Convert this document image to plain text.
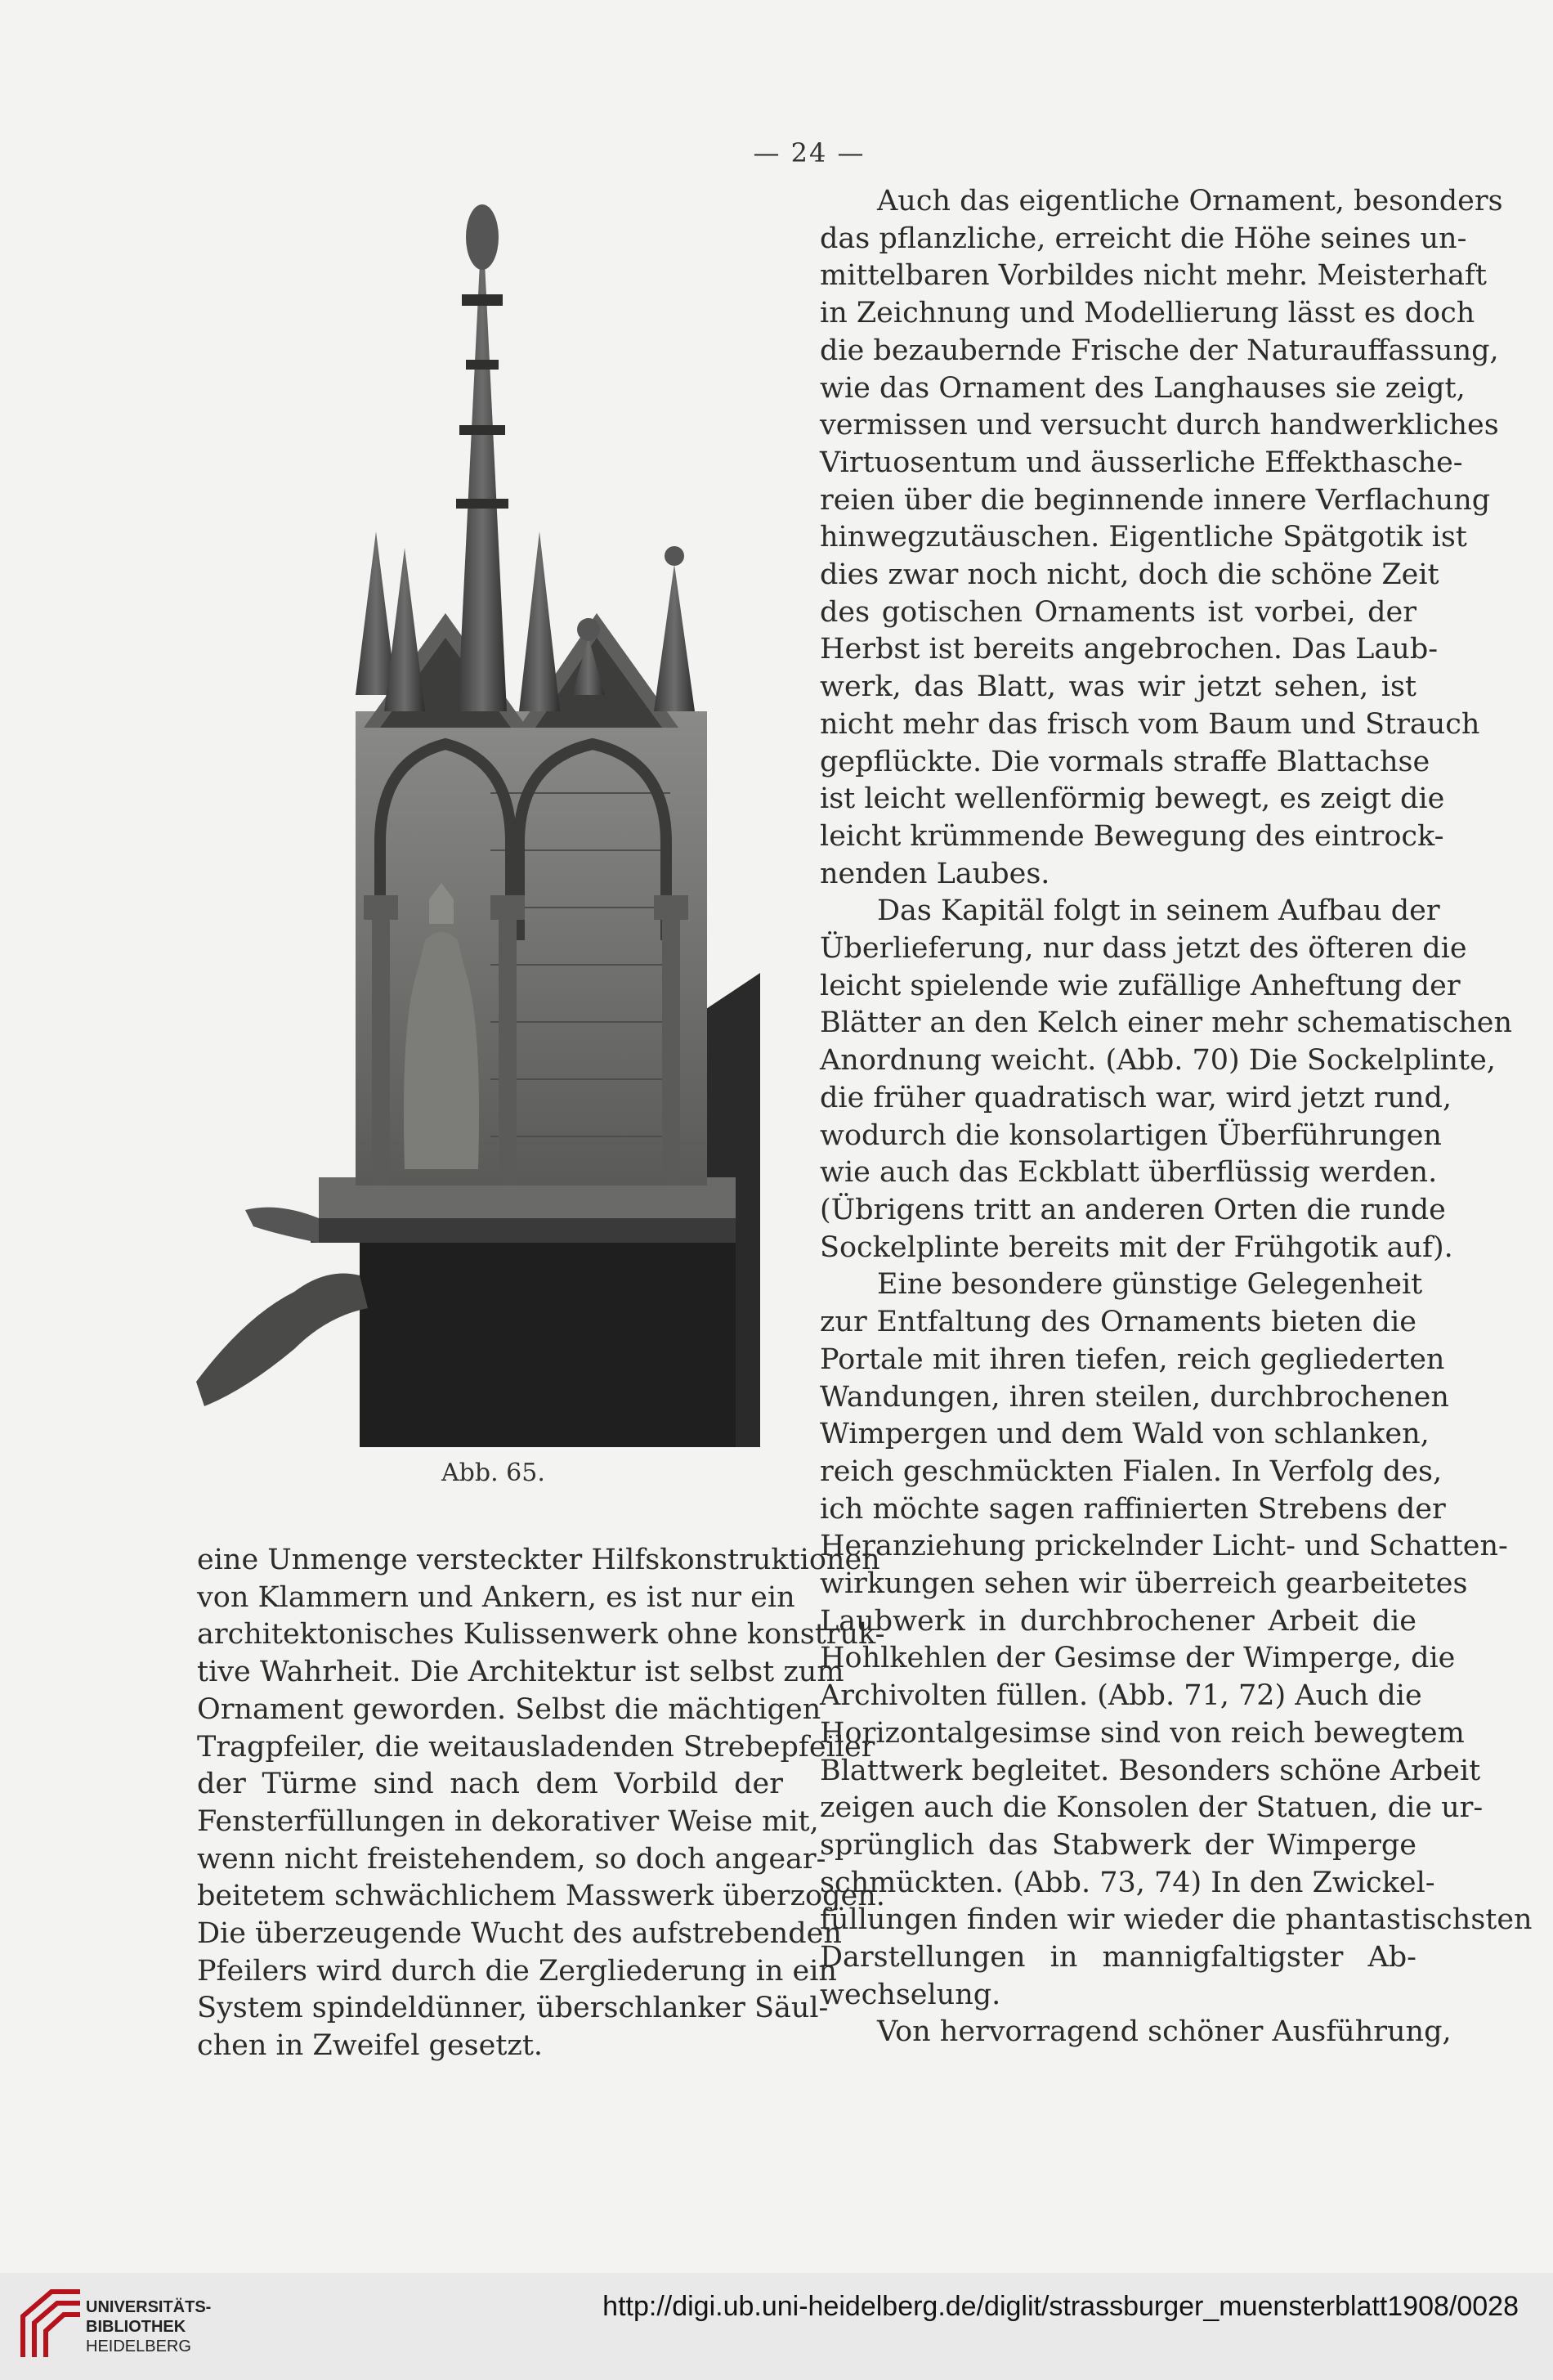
— 24 —
Abb. 65.
Auch das eigentliche Ornament, besonders
das pflanzliche, erreicht die Höhe seines un-
mittelbaren Vorbildes nicht mehr. Meisterhaft
in Zeichnung und Modellierung lässt es doch
die bezaubernde Frische der Naturauffassung,
wie das Ornament des Langhauses sie zeigt,
vermissen und versucht durch handwerkliches
Virtuosentum und äusserliche Effekthasche-
reien über die beginnende innere Verflachung
hinwegzutäuschen. Eigentliche Spätgotik ist
dies zwar noch nicht, doch die schöne Zeit
des gotischen Ornaments ist vorbei, der
Herbst ist bereits angebrochen. Das Laub-
werk, das Blatt, was wir jetzt sehen, ist
nicht mehr das frisch vom Baum und Strauch
gepflückte. Die vormals straffe Blattachse
ist leicht wellenförmig bewegt, es zeigt die
leicht krümmende Bewegung des eintrock-
nenden Laubes.
Das Kapitäl folgt in seinem Aufbau der
Überlieferung, nur dass jetzt des öfteren die
leicht spielende wie zufällige Anheftung der
Blätter an den Kelch einer mehr schematischen
Anordnung weicht. (Abb. 70) Die Sockelplinte,
die früher quadratisch war, wird jetzt rund,
wodurch die konsolartigen Überführungen
wie auch das Eckblatt überflüssig werden.
(Übrigens tritt an anderen Orten die runde
Sockelplinte bereits mit der Frühgotik auf).
Eine besondere günstige Gelegenheit
zur Entfaltung des Ornaments bieten die
Portale mit ihren tiefen, reich gegliederten
Wandungen, ihren steilen, durchbrochenen
Wimpergen und dem Wald von schlanken,
reich geschmückten Fialen. In Verfolg des,
ich möchte sagen raffinierten Strebens der
Heranziehung prickelnder Licht- und Schatten-
wirkungen sehen wir überreich gearbeitetes
Laubwerk in durchbrochener Arbeit die
Hohlkehlen der Gesimse der Wimperge, die
Archivolten füllen. (Abb. 71, 72) Auch die
Horizontalgesimse sind von reich bewegtem
Blattwerk begleitet. Besonders schöne Arbeit
zeigen auch die Konsolen der Statuen, die ur-
sprünglich das Stabwerk der Wimperge
schmückten. (Abb. 73, 74) In den Zwickel-
füllungen finden wir wieder die phantastischsten
Darstellungen in mannigfaltigster Ab-
wechselung.
Von hervorragend schöner Ausführung,
eine Unmenge versteckter Hilfskonstruktionen
von Klammern und Ankern, es ist nur ein
architektonisches Kulissenwerk ohne konstruk-
tive Wahrheit. Die Architektur ist selbst zum
Ornament geworden. Selbst die mächtigen
Tragpfeiler, die weitausladenden Strebepfeiler
der Türme sind nach dem Vorbild der
Fensterfüllungen in dekorativer Weise mit,
wenn nicht freistehendem, so doch angear-
beitetem schwächlichem Masswerk überzogen.
Die überzeugende Wucht des aufstrebenden
Pfeilers wird durch die Zergliederung in ein
System spindeldünner, überschlanker Säul-
chen in Zweifel gesetzt.
UNIVERSITÄTS-
BIBLIOTHEK
HEIDELBERG
http://digi.ub.uni-heidelberg.de/diglit/strassburger_muensterblatt1908/0028
